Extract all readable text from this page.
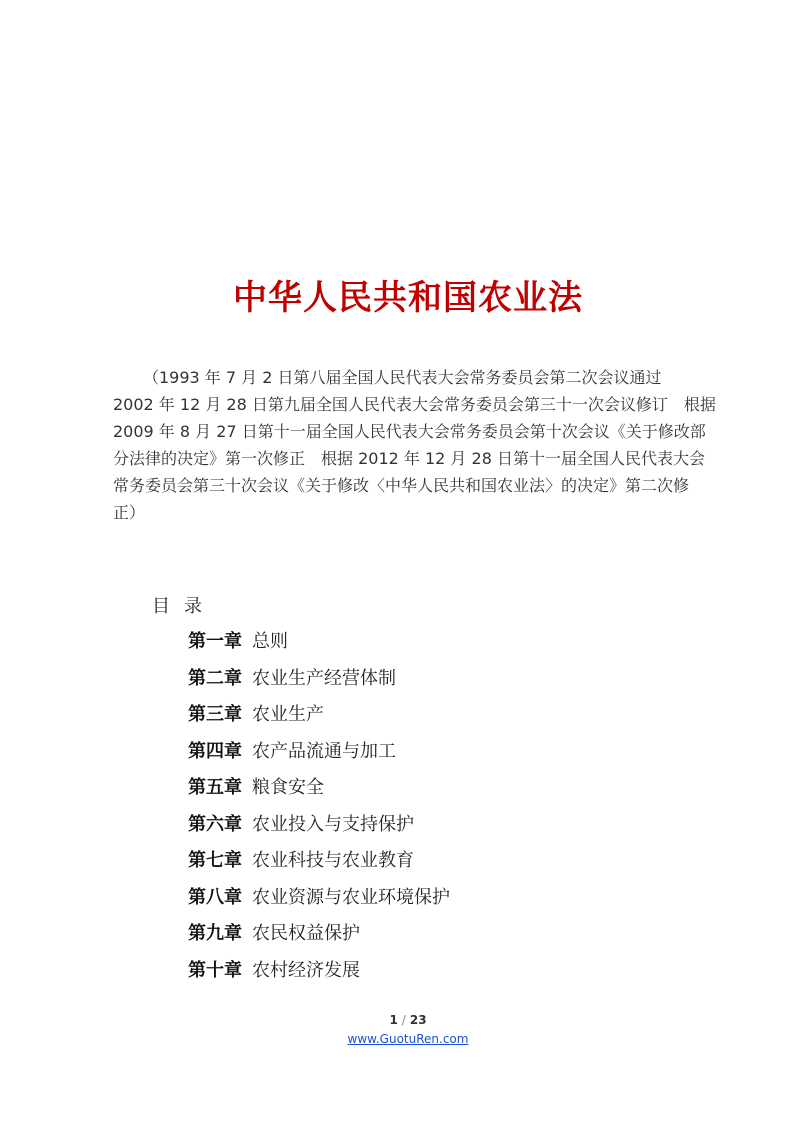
中华人民共和国农业法
（1993 年 7 月 2 日第八届全国人民代表大会常务委员会第二次会议通过
2002 年 12 月 28 日第九届全国人民代表大会常务委员会第三十一次会议修订　根据
2009 年 8 月 27 日第十一届全国人民代表大会常务委员会第十次会议《关于修改部
分法律的决定》第一次修正　根据 2012 年 12 月 28 日第十一届全国人民代表大会
常务委员会第三十次会议《关于修改〈中华人民共和国农业法〉的决定》第二次修
正）
目录
第一章 总则
第二章 农业生产经营体制
第三章 农业生产
第四章 农产品流通与加工
第五章 粮食安全
第六章 农业投入与支持保护
第七章 农业科技与农业教育
第八章 农业资源与农业环境保护
第九章 农民权益保护
第十章 农村经济发展
1 / 23
www.GuotuRen.com
